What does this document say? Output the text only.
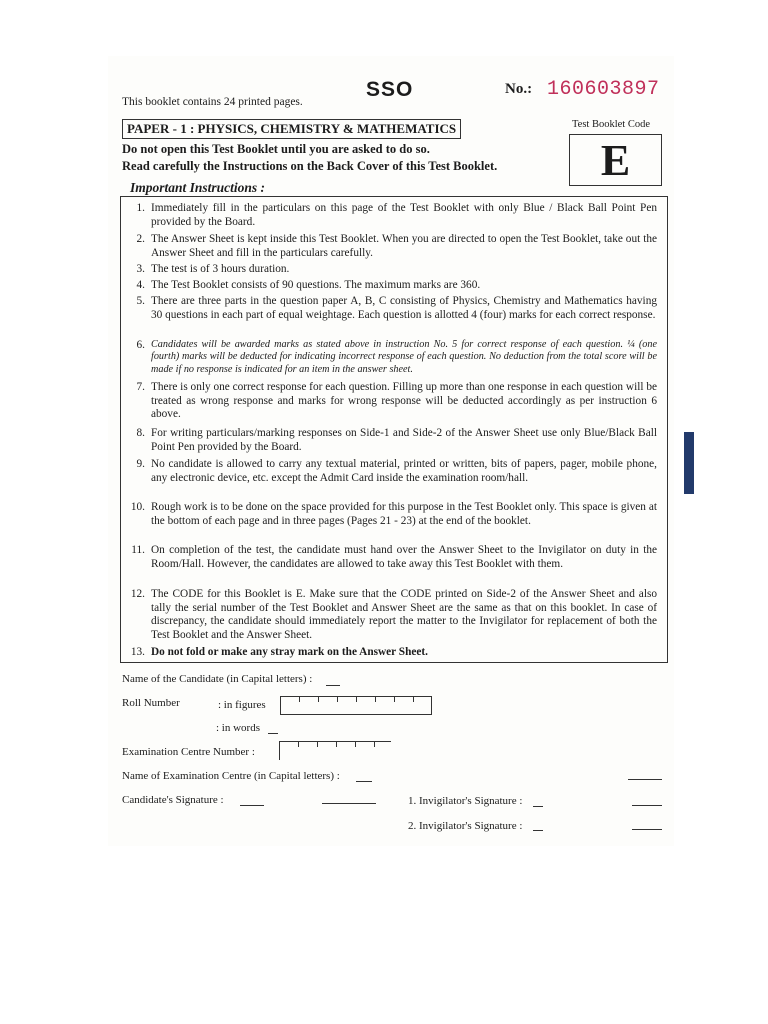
This booklet contains 24 printed pages.
SSO	No.: 160603897
PAPER - 1 : PHYSICS, CHEMISTRY & MATHEMATICS	Test Booklet Code
E
Do not open this Test Booklet until you are asked to do so.
Read carefully the Instructions on the Back Cover of this Test Booklet.
Important Instructions :
1. Immediately fill in the particulars on this page of the Test Booklet with only Blue / Black Ball Point Pen provided by the Board.
2. The Answer Sheet is kept inside this Test Booklet. When you are directed to open the Test Booklet, take out the Answer Sheet and fill in the particulars carefully.
3. The test is of 3 hours duration.
4. The Test Booklet consists of 90 questions. The maximum marks are 360.
5. There are three parts in the question paper A, B, C consisting of Physics, Chemistry and Mathematics having 30 questions in each part of equal weightage. Each question is allotted 4 (four) marks for each correct response.
6. Candidates will be awarded marks as stated above in instruction No. 5 for correct response of each question. ¼ (one fourth) marks will be deducted for indicating incorrect response of each question. No deduction from the total score will be made if no response is indicated for an item in the answer sheet.
7. There is only one correct response for each question. Filling up more than one response in each question will be treated as wrong response and marks for wrong response will be deducted accordingly as per instruction 6 above.
8. For writing particulars/marking responses on Side-1 and Side-2 of the Answer Sheet use only Blue/Black Ball Point Pen provided by the Board.
9. No candidate is allowed to carry any textual material, printed or written, bits of papers, pager, mobile phone, any electronic device, etc. except the Admit Card inside the examination room/hall.
10. Rough work is to be done on the space provided for this purpose in the Test Booklet only. This space is given at the bottom of each page and in three pages (Pages 21 - 23) at the end of the booklet.
11. On completion of the test, the candidate must hand over the Answer Sheet to the Invigilator on duty in the Room/Hall. However, the candidates are allowed to take away this Test Booklet with them.
12. The CODE for this Booklet is E. Make sure that the CODE printed on Side-2 of the Answer Sheet and also tally the serial number of the Test Booklet and Answer Sheet are the same as that on this booklet. In case of discrepancy, the candidate should immediately report the matter to the Invigilator for replacement of both the Test Booklet and the Answer Sheet.
13. Do not fold or make any stray mark on the Answer Sheet.
Name of the Candidate (in Capital letters) :
Roll Number	: in figures
: in words
Examination Centre Number :
Name of Examination Centre (in Capital letters) :
Candidate's Signature :	1. Invigilator's Signature :
2. Invigilator's Signature :
